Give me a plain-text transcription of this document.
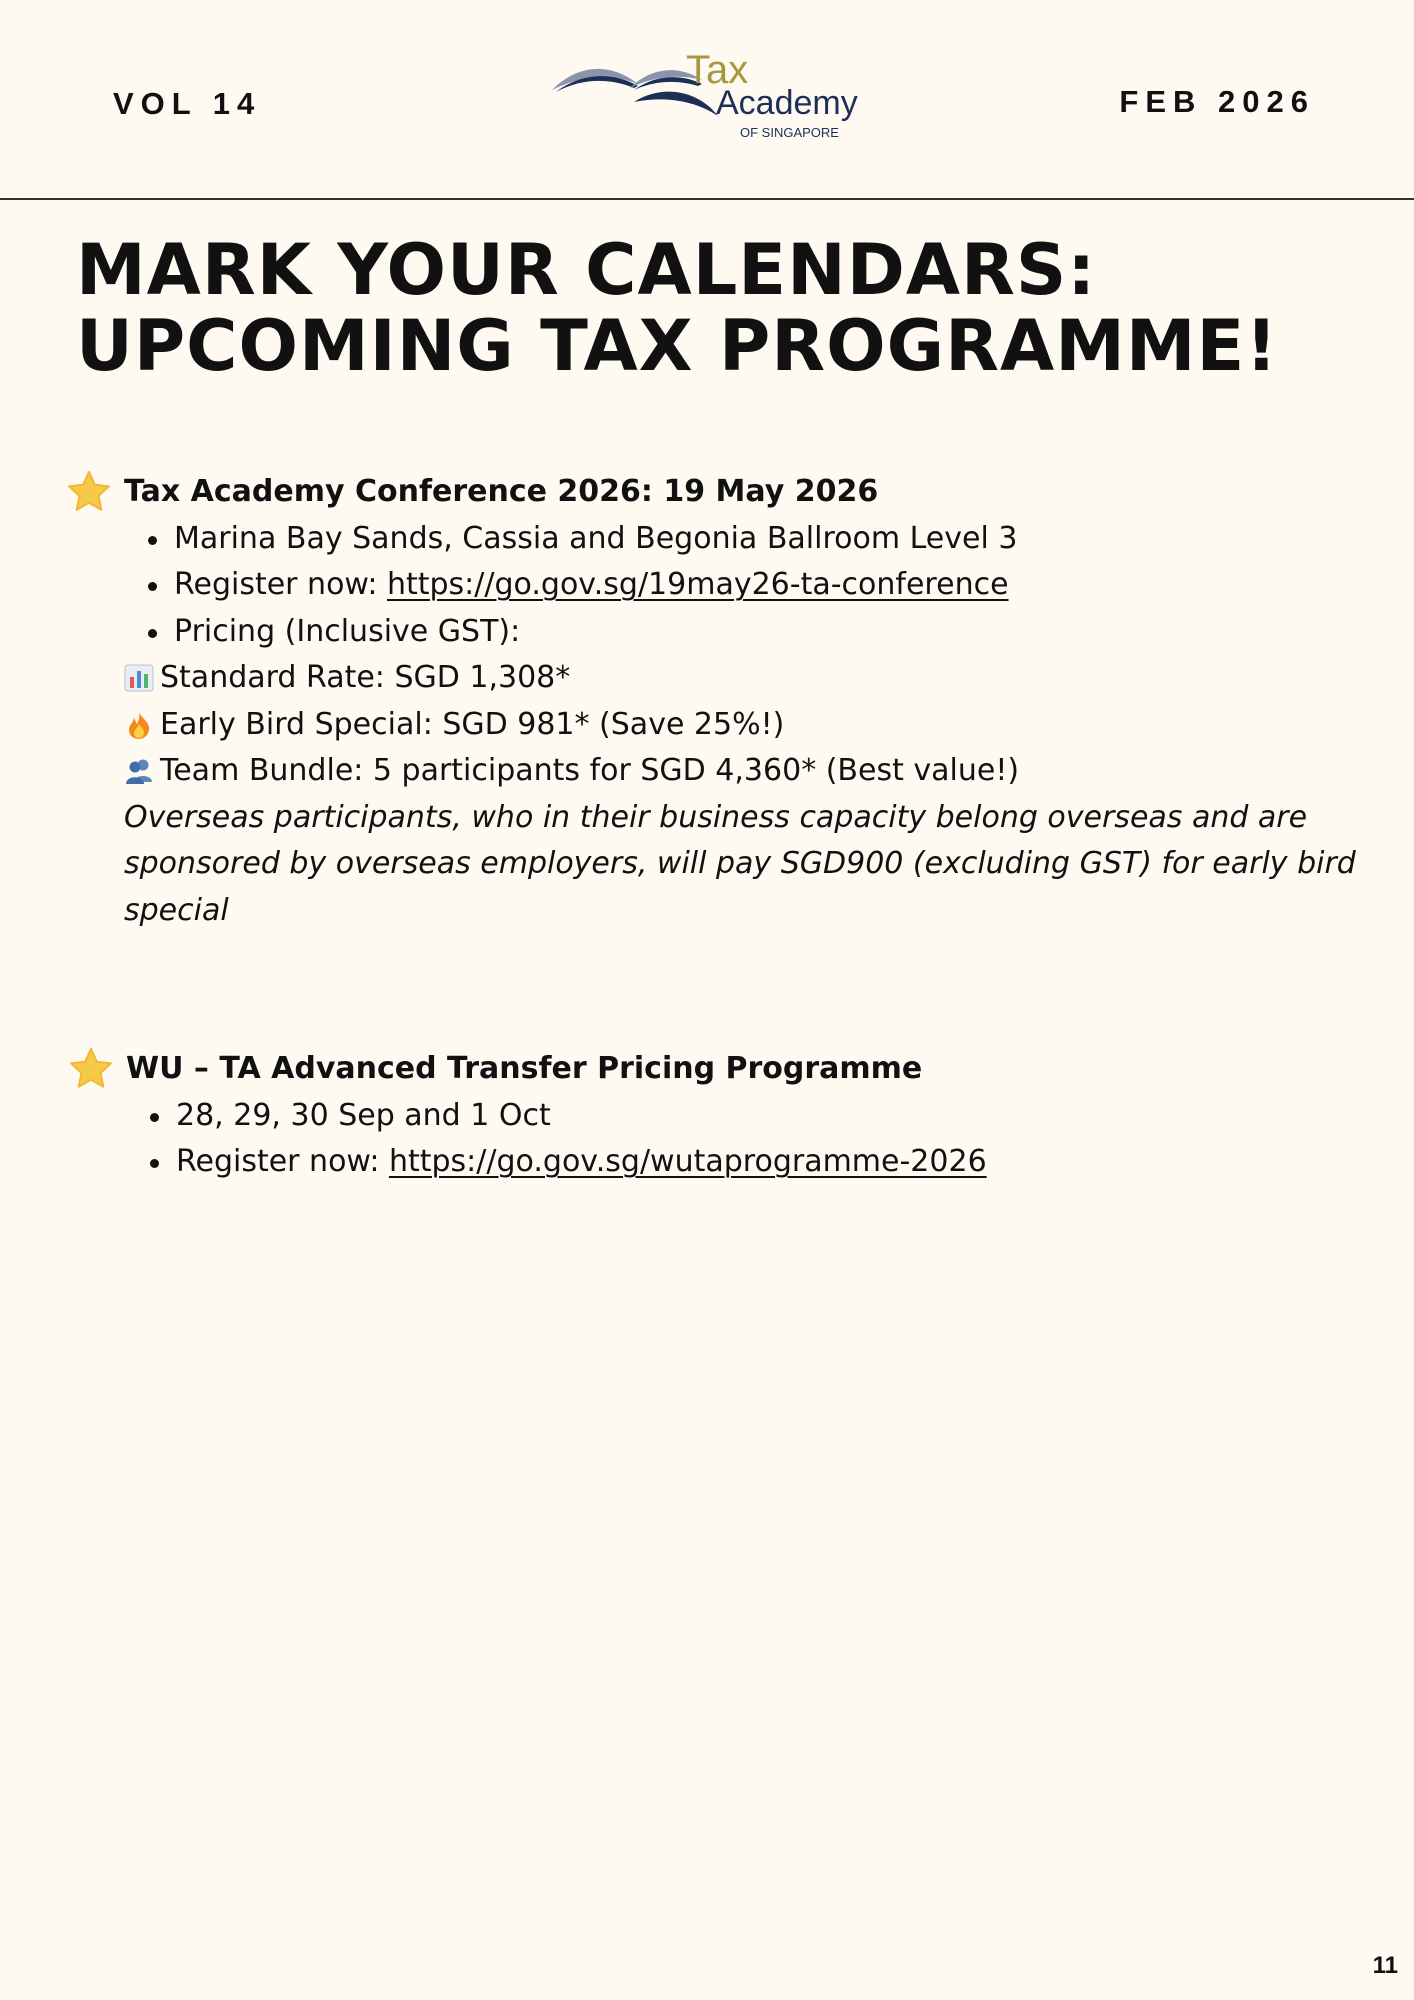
VOL 14
Tax
Academy
OF SINGAPORE
FEB 2026
MARK YOUR CALENDARS:
UPCOMING TAX PROGRAMME!
Tax Academy Conference 2026: 19 May 2026
Marina Bay Sands, Cassia and Begonia Ballroom Level 3
Register now: https://go.gov.sg/19may26-ta-conference
Pricing (Inclusive GST):
Standard Rate: SGD 1,308*
Early Bird Special: SGD 981* (Save 25%!)
Team Bundle: 5 participants for SGD 4,360* (Best value!)

Overseas participants, who in their business capacity belong overseas and are sponsored by overseas employers, will pay SGD900 (excluding GST) for early bird special

WU – TA Advanced Transfer Pricing Programme
28, 29, 30 Sep and 1 Oct
Register now: https://go.gov.sg/wutaprogramme-2026
11
